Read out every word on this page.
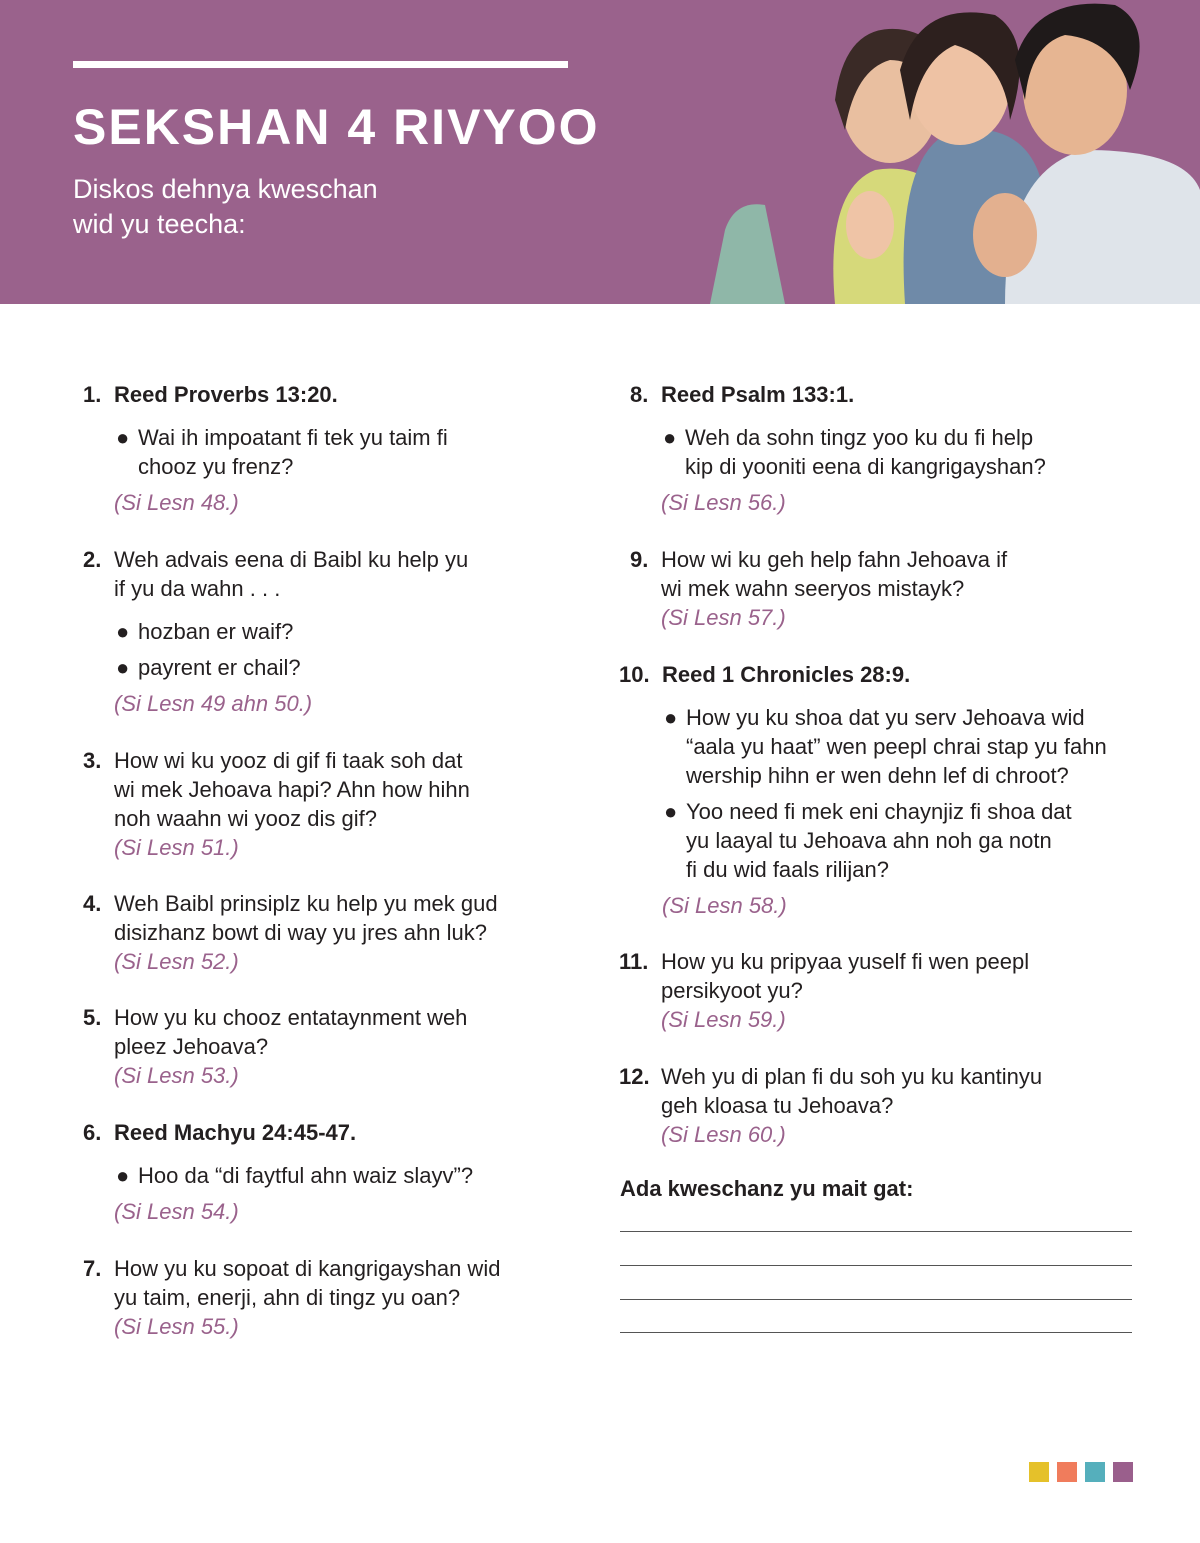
SEKSHAN 4 RIVYOO
Diskos dehnya kweschan
wid yu teecha:
1. Reed Proverbs 13:20.
● Wai ih impoatant fi tek yu taim fi
chooz yu frenz?
(Si Lesn 48.)
2. Weh advais eena di Baibl ku help yu
if yu da wahn . . .
● hozban er waif?
● payrent er chail?
(Si Lesn 49 ahn 50.)
3. How wi ku yooz di gif fi taak soh dat
wi mek Jehoava hapi? Ahn how hihn
noh waahn wi yooz dis gif?
(Si Lesn 51.)
4. Weh Baibl prinsiplz ku help yu mek gud
disizhanz bowt di way yu jres ahn luk?
(Si Lesn 52.)
5. How yu ku chooz entataynment weh
pleez Jehoava?
(Si Lesn 53.)
6. Reed Machyu 24:45-47.
● Hoo da “di faytful ahn waiz slayv”?
(Si Lesn 54.)
7. How yu ku sopoat di kangrigayshan wid
yu taim, enerji, ahn di tingz yu oan?
(Si Lesn 55.)
8. Reed Psalm 133:1.
● Weh da sohn tingz yoo ku du fi help
kip di yooniti eena di kangrigayshan?
(Si Lesn 56.)
9. How wi ku geh help fahn Jehoava if
wi mek wahn seeryos mistayk?
(Si Lesn 57.)
10. Reed 1 Chronicles 28:9.
● How yu ku shoa dat yu serv Jehoava wid
“aala yu haat” wen peepl chrai stap yu fahn
wership hihn er wen dehn lef di chroot?
● Yoo need fi mek eni chaynjiz fi shoa dat
yu laayal tu Jehoava ahn noh ga notn
fi du wid faals rilijan?
(Si Lesn 58.)
11. How yu ku pripyaa yuself fi wen peepl
persikyoot yu?
(Si Lesn 59.)
12. Weh yu di plan fi du soh yu ku kantinyu
geh kloasa tu Jehoava?
(Si Lesn 60.)
Ada kweschanz yu mait gat:
